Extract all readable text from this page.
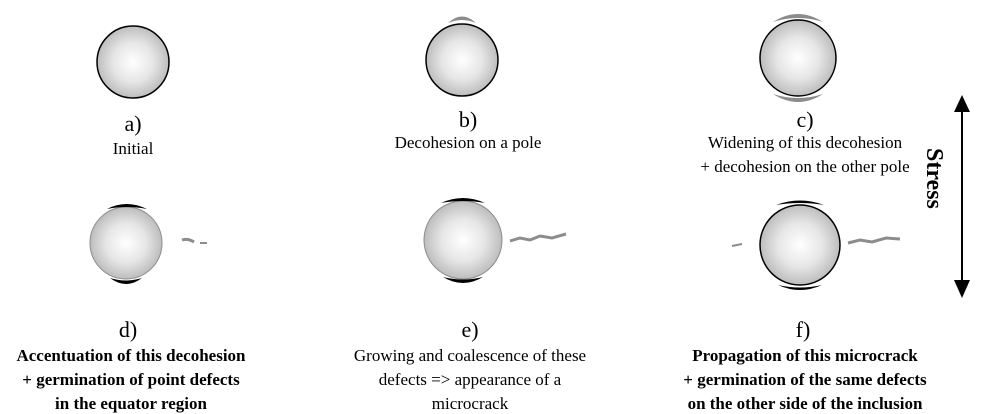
a)
Initial
b)
Decohesion on a pole
c)
Widening of this decohesion
+ decohesion on the other pole
d)
Accentuation of this decohesion
+ germination of point defects
in the equator region
e)
Growing and coalescence of these
defects => appearance of a
microcrack
f)
Propagation of this microcrack
+ germination of the same defects
on the other side of the inclusion
Stress
